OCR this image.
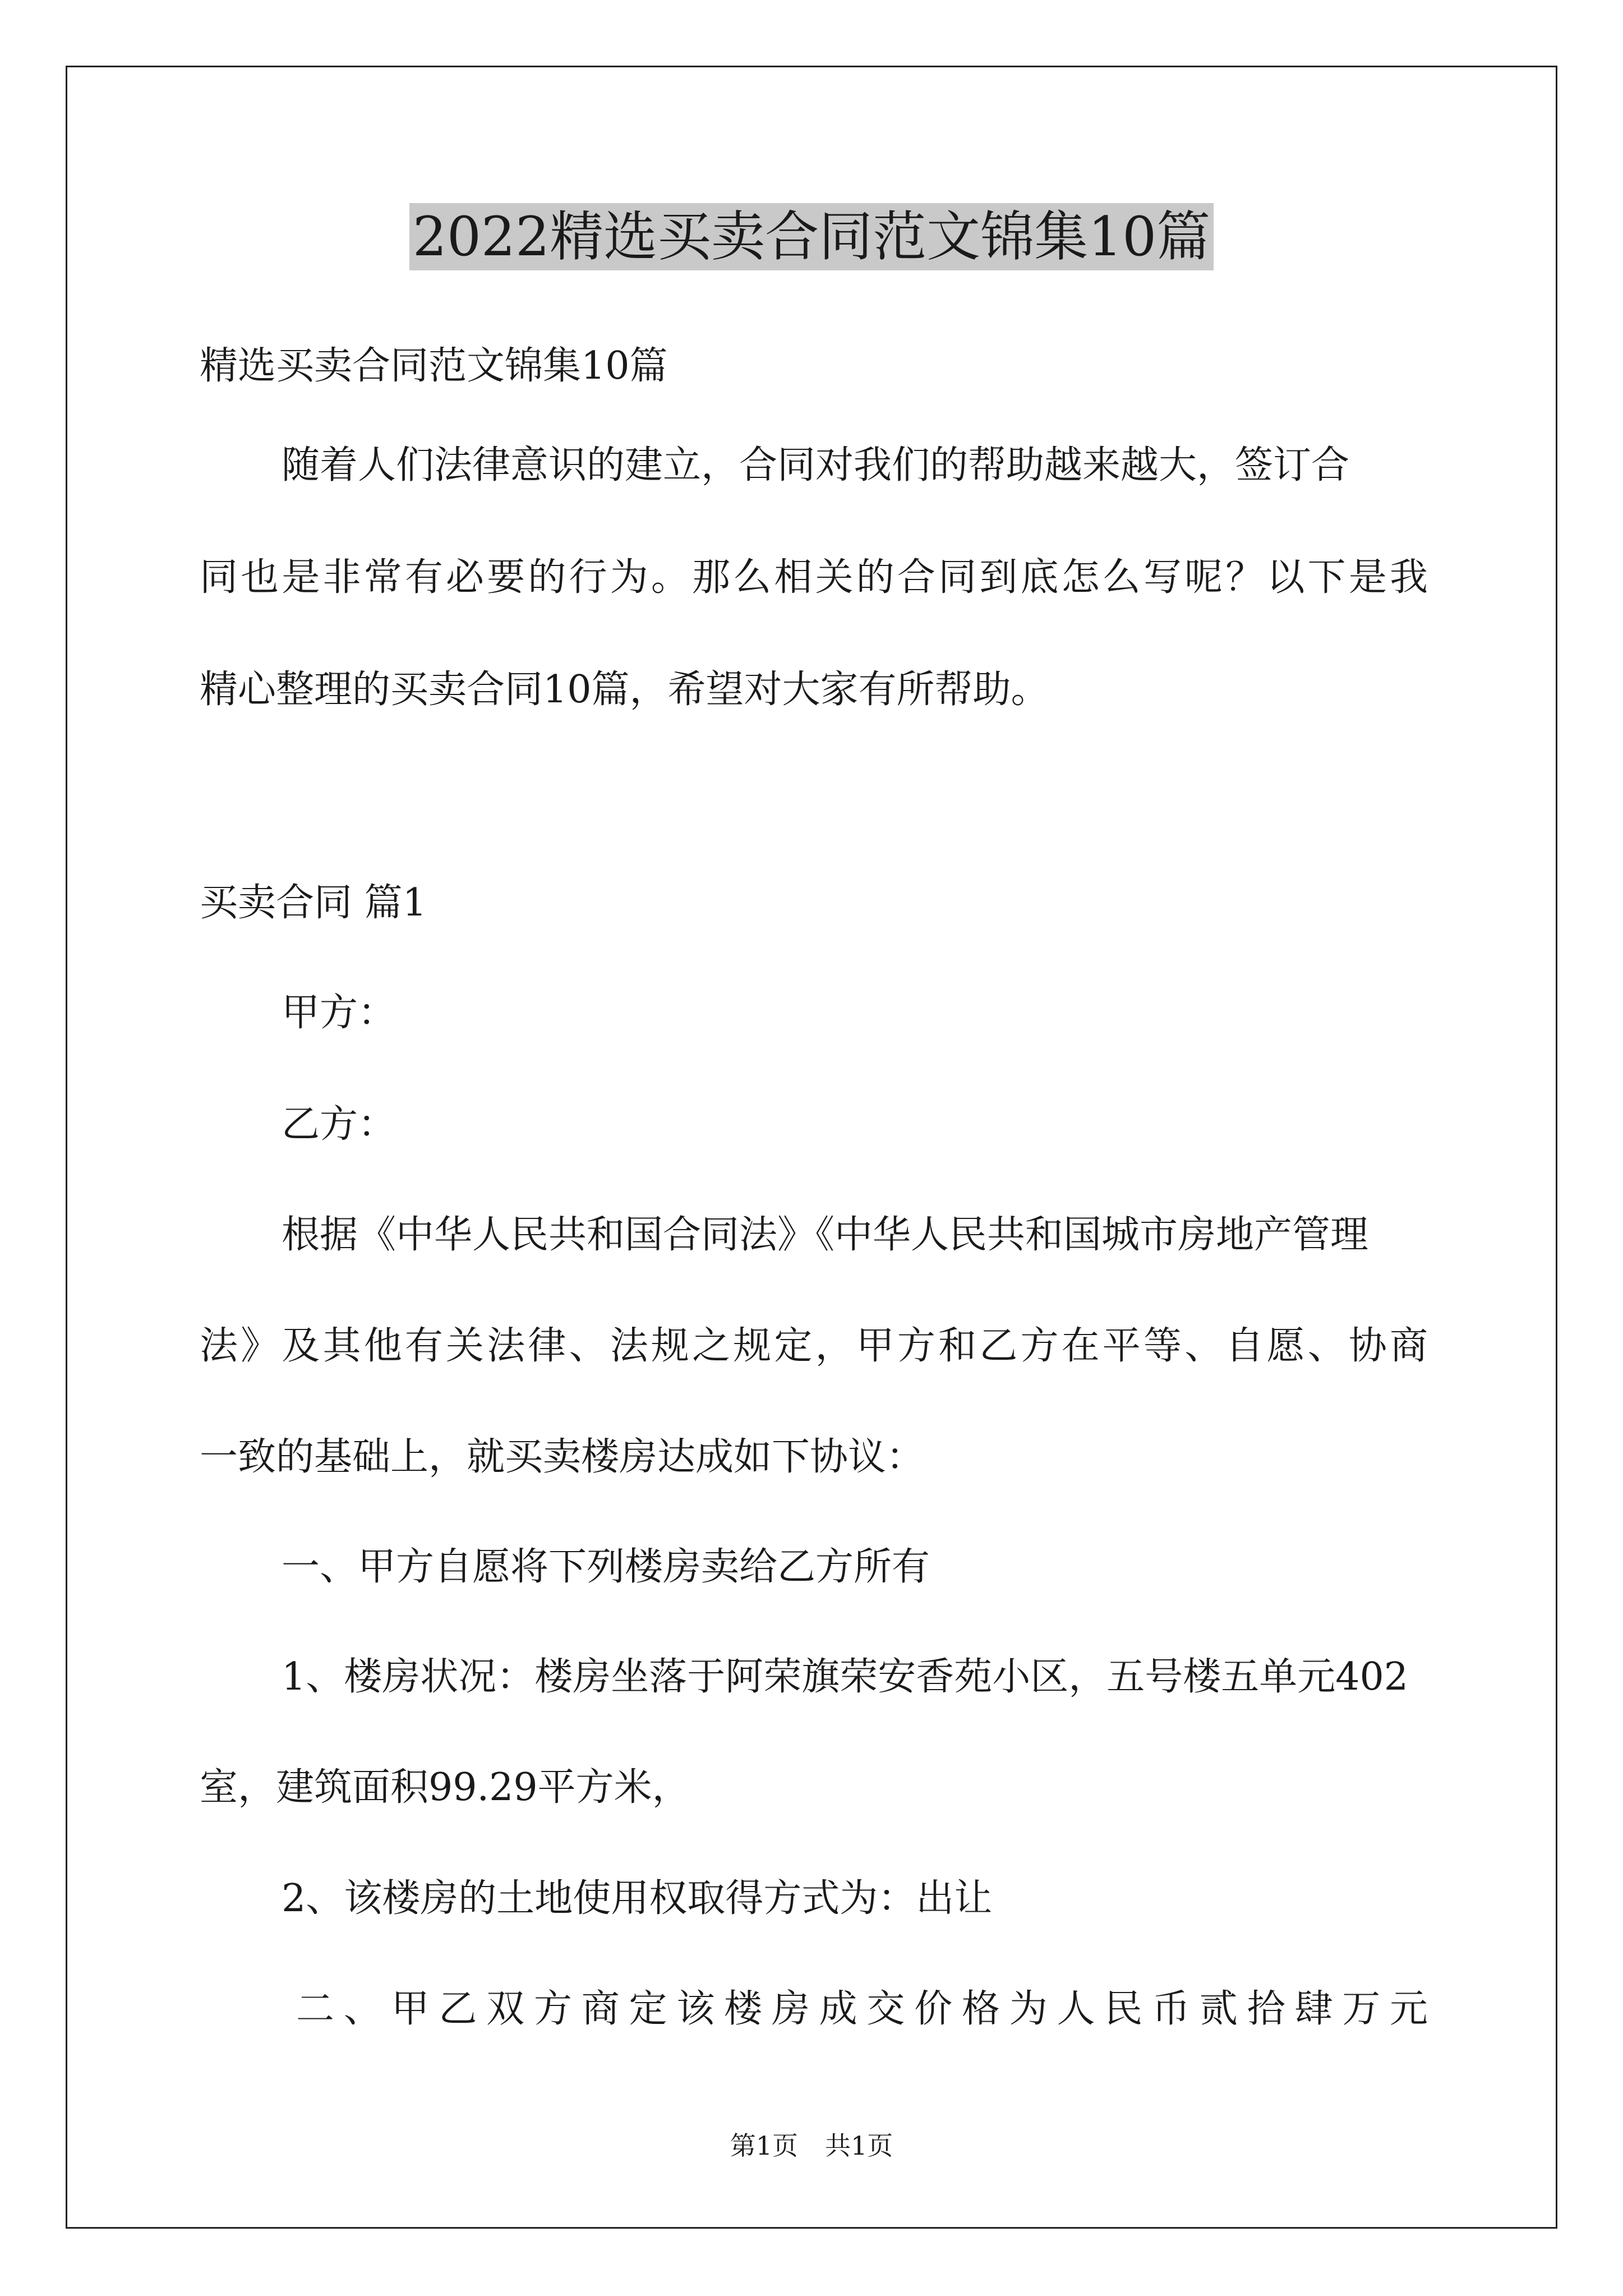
2022精选买卖合同范文锦集10篇
精选买卖合同范文锦集10篇
随着人们法律意识的建立，合同对我们的帮助越来越大，签订合
同也是非常有必要的行为。那么相关的合同到底怎么写呢？以下是我
精心整理的买卖合同10篇，希望对大家有所帮助。
买卖合同 篇1
甲方：
乙方：
根据《中华人民共和国合同法》《中华人民共和国城市房地产管理
法》及其他有关法律、法规之规定，甲方和乙方在平等、自愿、协商
一致的基础上，就买卖楼房达成如下协议：
一、甲方自愿将下列楼房卖给乙方所有
1、楼房状况：楼房坐落于阿荣旗荣安香苑小区，五号楼五单元402
室，建筑面积99.29平方米，
2、该楼房的土地使用权取得方式为：出让
二、甲乙双方商定该楼房成交价格为人民币贰拾肆万元
第1页 共1页
